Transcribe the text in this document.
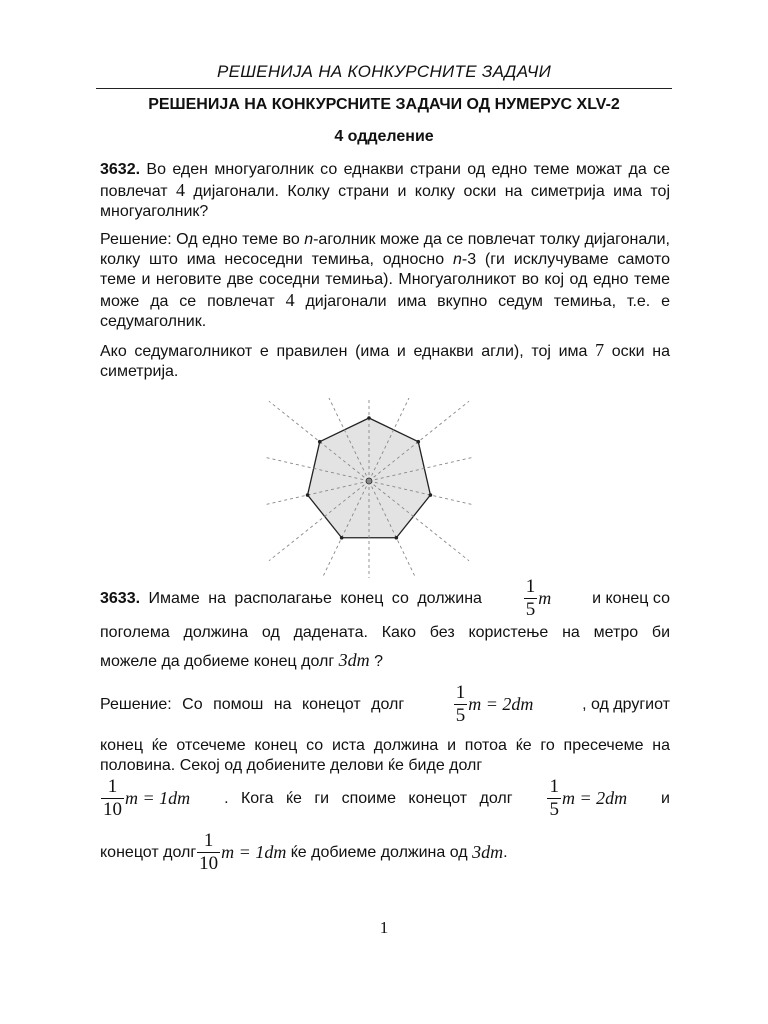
РЕШЕНИЈА НА КОНКУРСНИТЕ ЗАДАЧИ
РЕШЕНИЈА НА КОНКУРСНИТЕ ЗАДАЧИ ОД НУМЕРУС XLV-2
4 одделение
3632. Во еден многуаголник со еднакви страни од едно теме можат да се повлечат 4 дијагонали. Колку страни и колку оски на симетрија има тој многуаголник?
Решение: Од едно теме во n-аголник може да се повлечат толку дијагонали, колку што има несоседни темиња, односно n-3 (ги исклучуваме самото теме и неговите две соседни темиња). Многуаголникот во кој од едно теме може да се повлечат 4 дијагонали има вкупно седум темиња, т.е. е седумаголник.
Ако седумаголникот е правилен (има и еднакви агли), тој има 7 оски на симетрија.
3633. Имаме на располагање конец со должина $\frac{1}{5}$ m	и конец со
поголема должина од дадената. Како без користење на метро би
можеле да добиеме конец долг 3dm ?
Решение: Со помош на конецот долг	$\frac{1}{5}$ m = 2dm	, од другиот
конец ќе отсечеме конец со иста должина и потоа ќе го пресечеме на половина. Секој од добиените делови ќе биде долг
$\frac{1}{10}$ m = 1dm . Кога ќе ги споиме конецот долг $\frac{1}{5}$ m = 2dm и
конецот долг $\frac{1}{10}$ m = 1dm ќе добиеме должина од 3dm .
1
